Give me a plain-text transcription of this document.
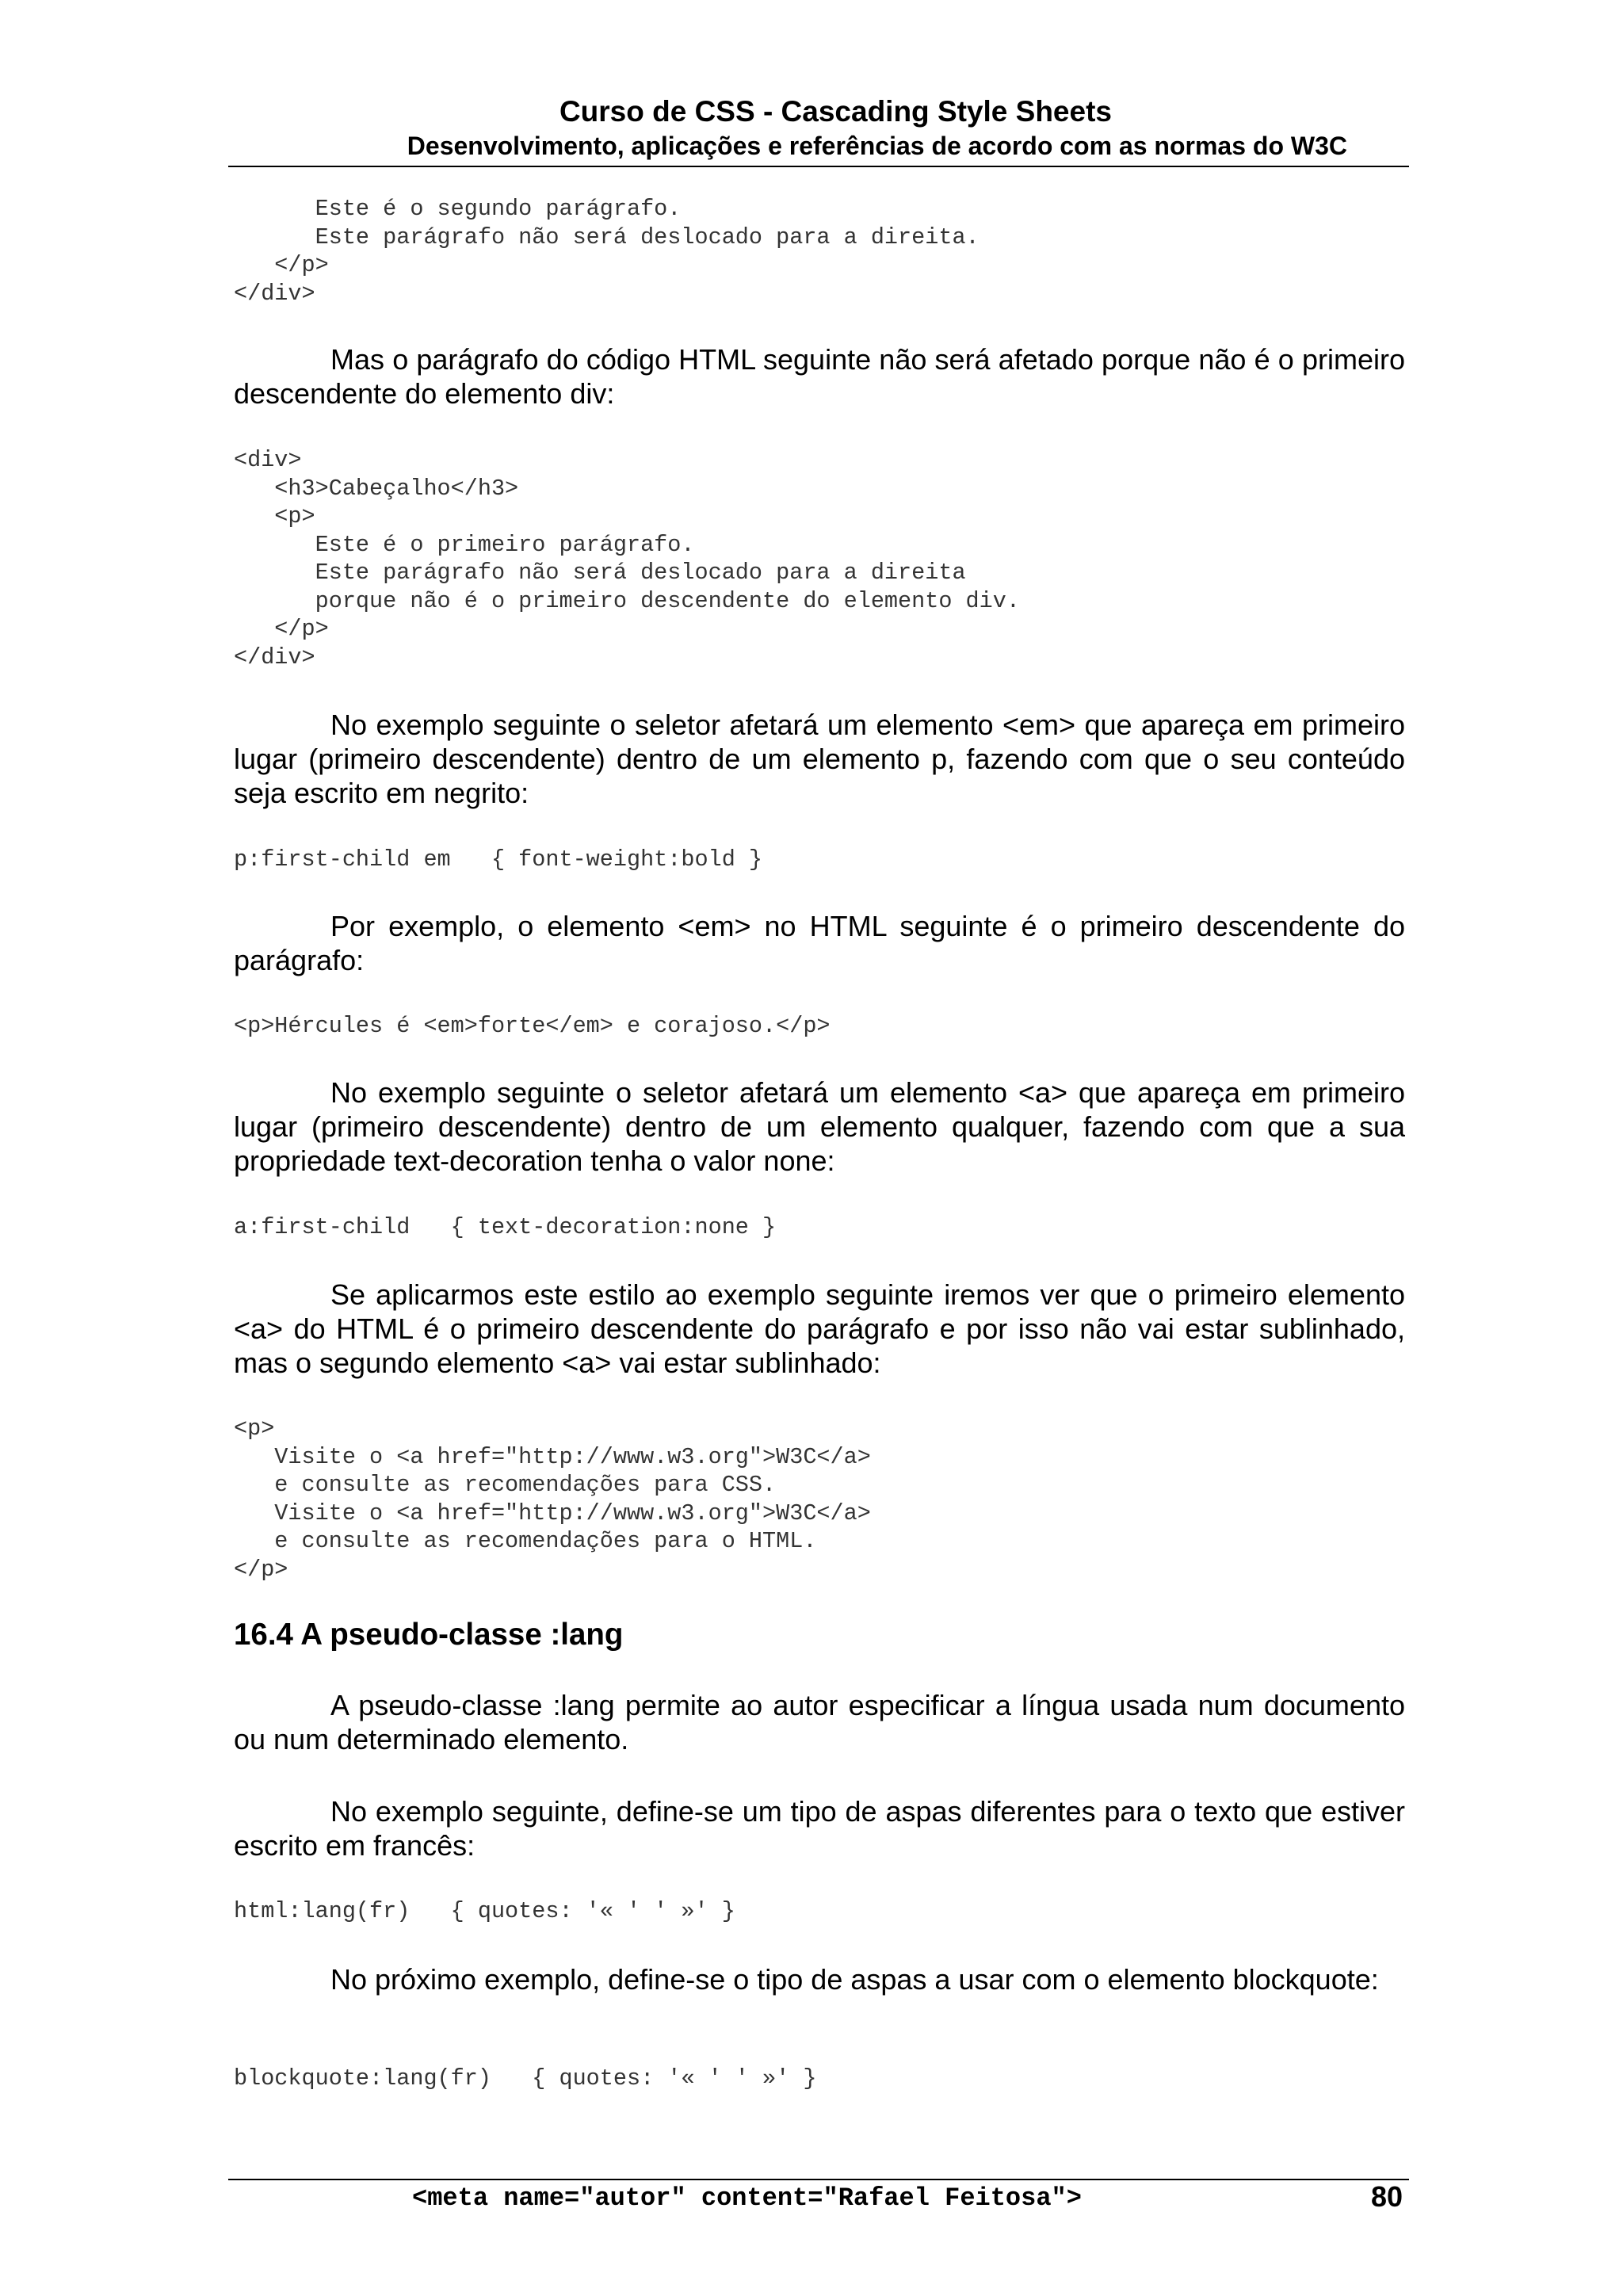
Curso de CSS - Cascading Style Sheets
Desenvolvimento, aplicações e referências de acordo com as normas do W3C
Este é o segundo parágrafo.
Este parágrafo não será deslocado para a direita.
</p>
</div>

Mas o parágrafo do código HTML seguinte não será afetado porque não é o primeiro descendente do elemento div:

<div>
<h3>Cabeçalho</h3>
<p>
Este é o primeiro parágrafo.
Este parágrafo não será deslocado para a direita
porque não é o primeiro descendente do elemento div.
</p>
</div>

No exemplo seguinte o seletor afetará um elemento <em> que apareça em primeiro lugar (primeiro descendente) dentro de um elemento p, fazendo com que o seu conteúdo seja escrito em negrito:

p:first-child em   { font-weight:bold }

Por exemplo, o elemento <em> no HTML seguinte é o primeiro descendente do parágrafo:

<p>Hércules é <em>forte</em> e corajoso.</p>

No exemplo seguinte o seletor afetará um elemento <a> que apareça em primeiro lugar (primeiro descendente) dentro de um elemento qualquer, fazendo com que a sua propriedade text-decoration tenha o valor none:

a:first-child   { text-decoration:none }

Se aplicarmos este estilo ao exemplo seguinte iremos ver que o primeiro elemento <a> do HTML é o primeiro descendente do parágrafo e por isso não vai estar sublinhado, mas o segundo elemento <a> vai estar sublinhado:

<p>
Visite o <a href="http://www.w3.org">W3C</a>
e consulte as recomendações para CSS.
Visite o <a href="http://www.w3.org">W3C</a>
e consulte as recomendações para o HTML.
</p>
16.4 A pseudo-classe :lang

A pseudo-classe :lang permite ao autor especificar a língua usada num documento ou num determinado elemento.

No exemplo seguinte, define-se um tipo de aspas diferentes para o texto que estiver escrito em francês:

html:lang(fr)   { quotes: '« ' ' »' }

No próximo exemplo, define-se o tipo de aspas a usar com o elemento blockquote:

blockquote:lang(fr)   { quotes: '« ' ' »' }
<meta name="autor" content="Rafael Feitosa">	80
